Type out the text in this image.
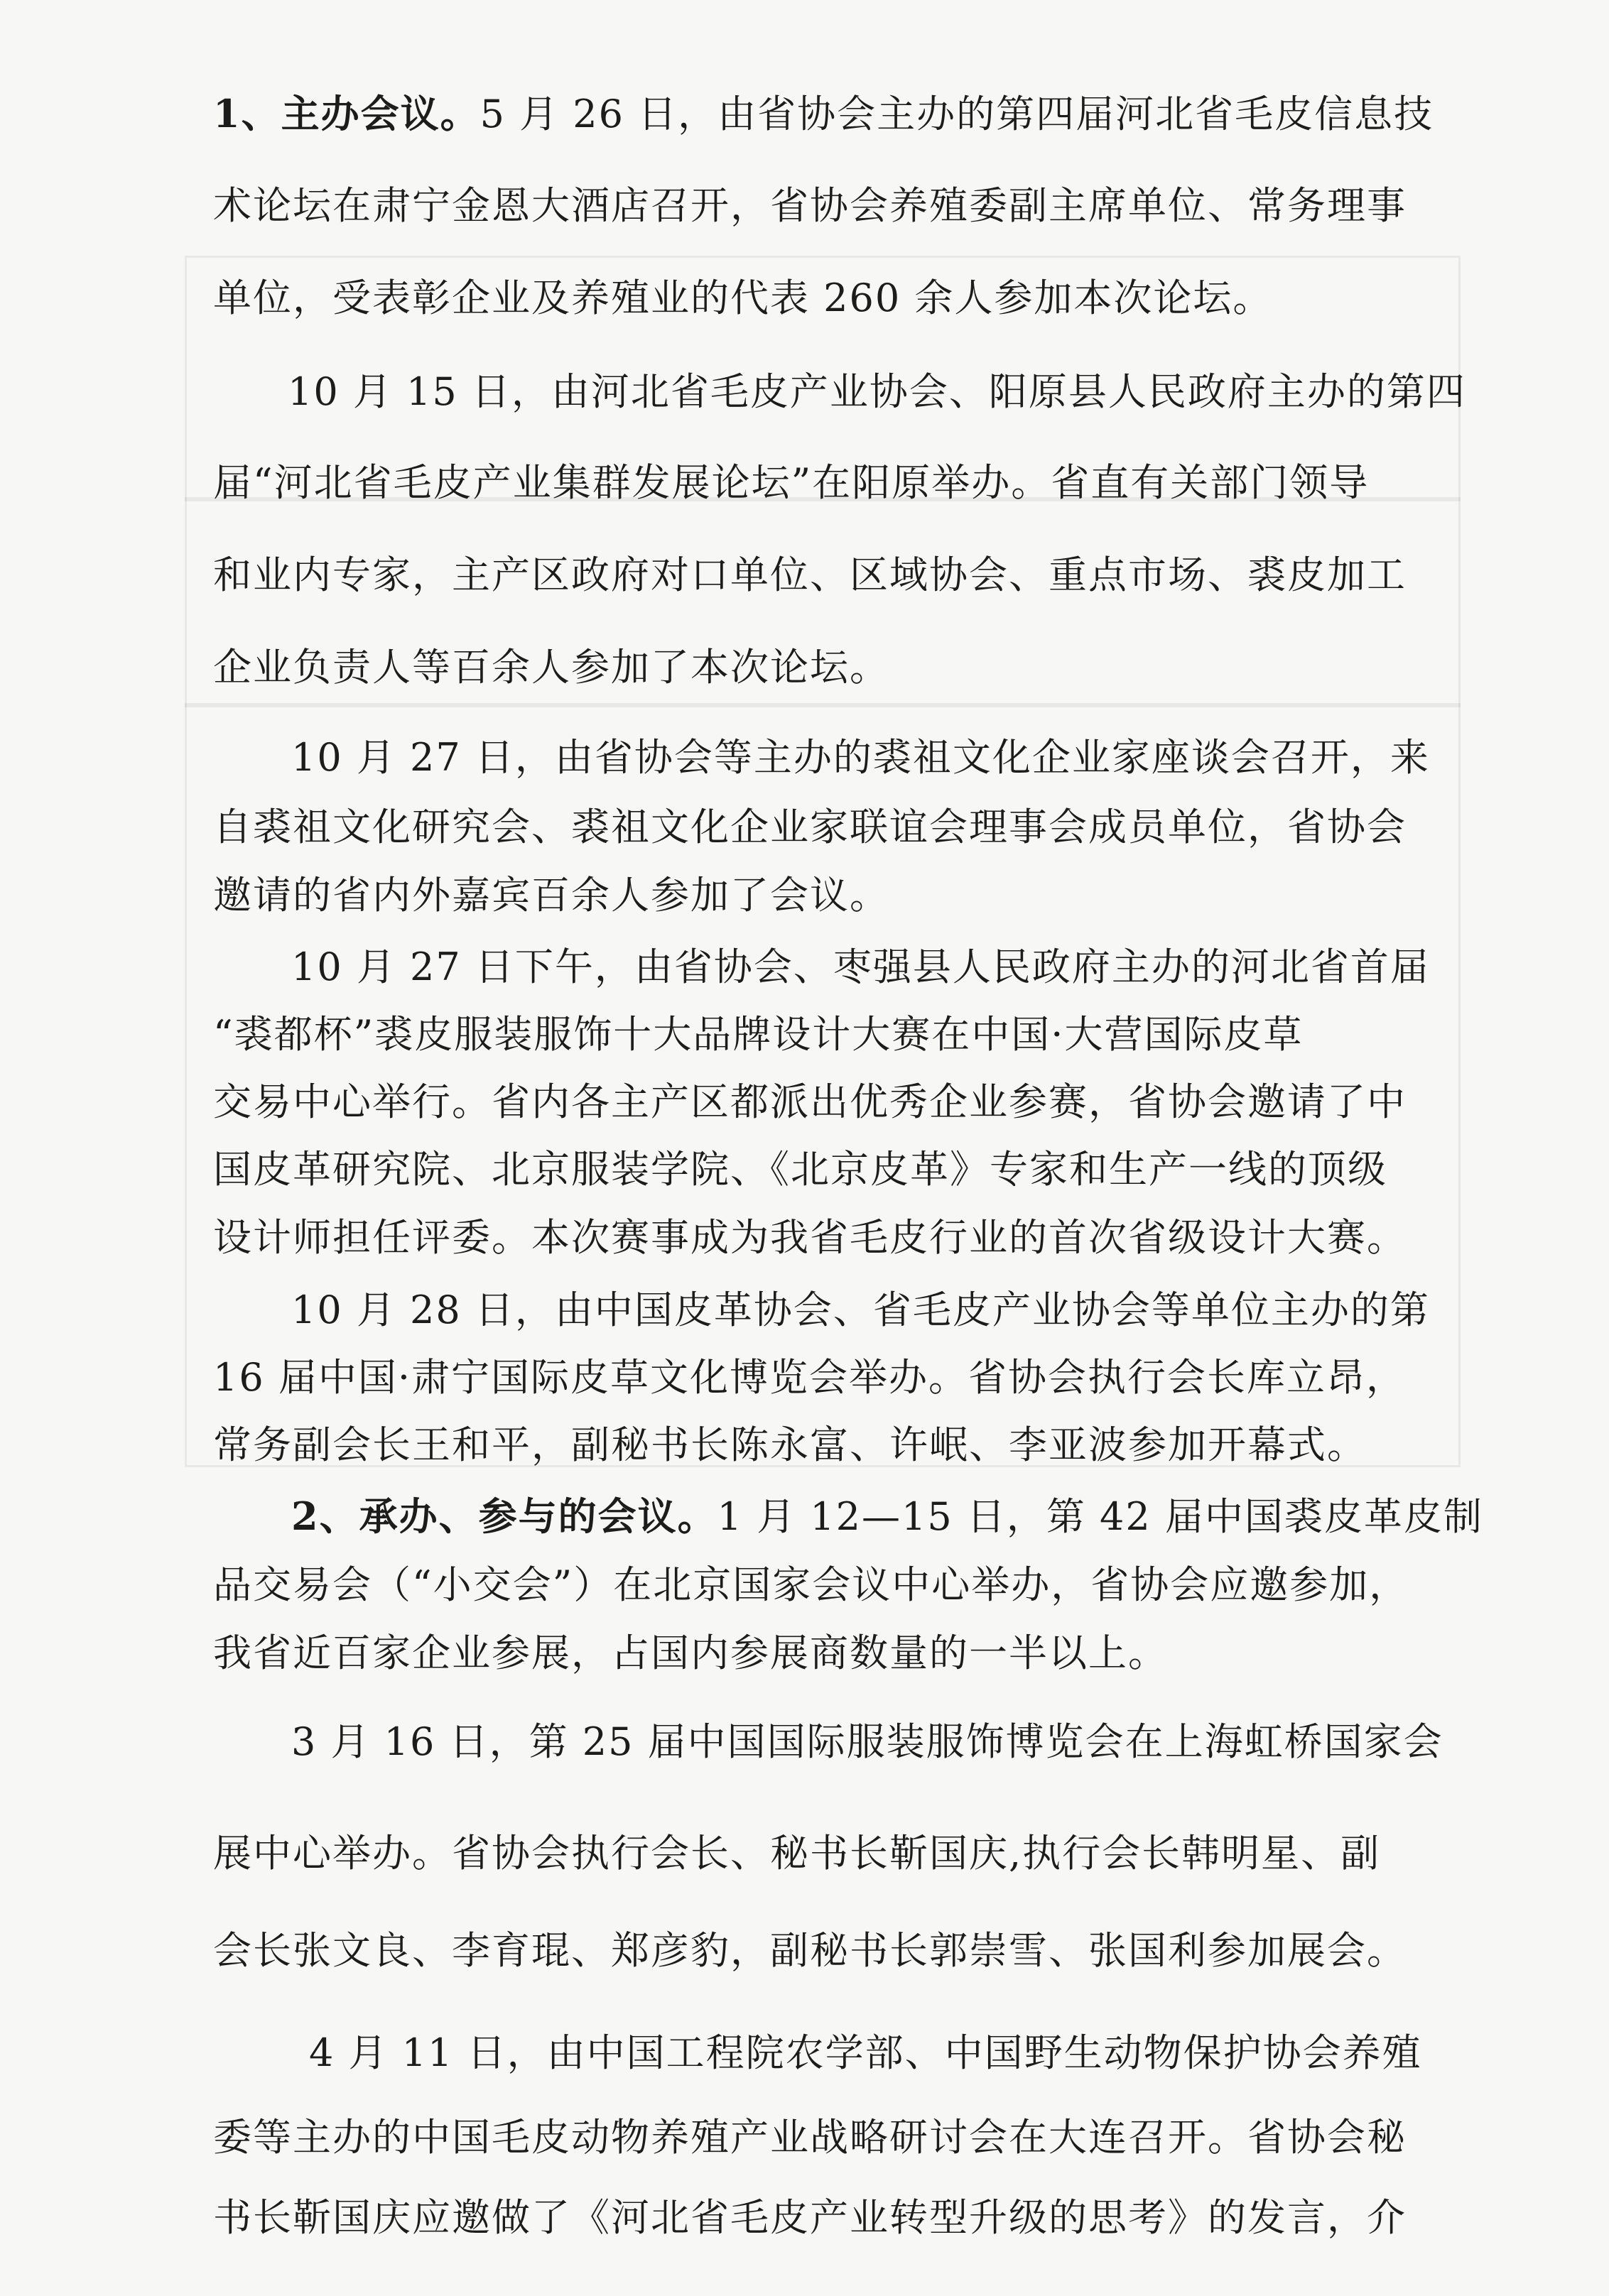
1、主办会议。5 月 26 日，由省协会主办的第四届河北省毛皮信息技
术论坛在肃宁金恩大酒店召开，省协会养殖委副主席单位、常务理事
单位，受表彰企业及养殖业的代表 260 余人参加本次论坛。
10 月 15 日，由河北省毛皮产业协会、阳原县人民政府主办的第四
届“河北省毛皮产业集群发展论坛”在阳原举办。省直有关部门领导
和业内专家，主产区政府对口单位、区域协会、重点市场、裘皮加工
企业负责人等百余人参加了本次论坛。
10 月 27 日，由省协会等主办的裘祖文化企业家座谈会召开，来
自裘祖文化研究会、裘祖文化企业家联谊会理事会成员单位，省协会
邀请的省内外嘉宾百余人参加了会议。
10 月 27 日下午，由省协会、枣强县人民政府主办的河北省首届
“裘都杯”裘皮服装服饰十大品牌设计大赛在中国·大营国际皮草
交易中心举行。省内各主产区都派出优秀企业参赛，省协会邀请了中
国皮革研究院、北京服装学院、《北京皮革》专家和生产一线的顶级
设计师担任评委。本次赛事成为我省毛皮行业的首次省级设计大赛。
10 月 28 日，由中国皮革协会、省毛皮产业协会等单位主办的第
16 届中国·肃宁国际皮草文化博览会举办。省协会执行会长库立昂，
常务副会长王和平，副秘书长陈永富、许岷、李亚波参加开幕式。
2、承办、参与的会议。1 月 12—15 日，第 42 届中国裘皮革皮制
品交易会（“小交会”）在北京国家会议中心举办，省协会应邀参加，
我省近百家企业参展，占国内参展商数量的一半以上。
3 月 16 日，第 25 届中国国际服装服饰博览会在上海虹桥国家会
展中心举办。省协会执行会长、秘书长靳国庆,执行会长韩明星、副
会长张文良、李育琨、郑彦豹，副秘书长郭崇雪、张国利参加展会。
4 月 11 日，由中国工程院农学部、中国野生动物保护协会养殖
委等主办的中国毛皮动物养殖产业战略研讨会在大连召开。省协会秘
书长靳国庆应邀做了《河北省毛皮产业转型升级的思考》的发言，介
